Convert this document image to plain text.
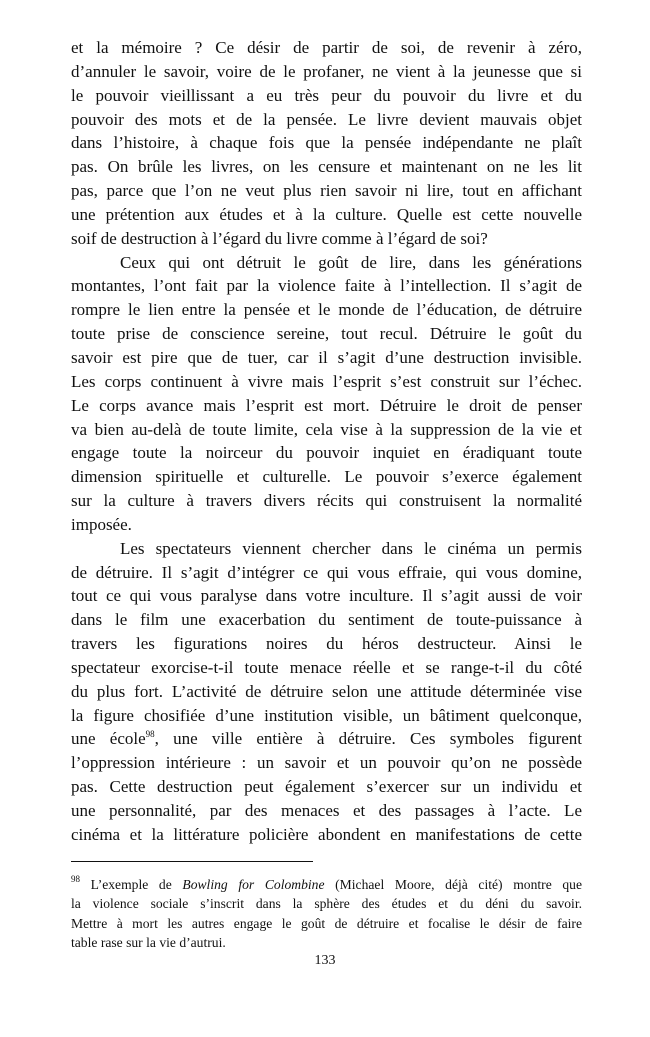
et la mémoire ? Ce désir de partir de soi, de revenir à zéro,
d’annuler le savoir, voire de le profaner, ne vient à la jeunesse que si
le pouvoir vieillissant a eu très peur du pouvoir du livre et du
pouvoir des mots et de la pensée. Le livre devient mauvais objet
dans l’histoire, à chaque fois que la pensée indépendante ne plaît
pas. On brûle les livres, on les censure et maintenant on ne les lit
pas, parce que l’on ne veut plus rien savoir ni lire, tout en affichant
une prétention aux études et à la culture. Quelle est cette nouvelle
soif de destruction à l’égard du livre comme à l’égard de soi?
Ceux qui ont détruit le goût de lire, dans les générations
montantes, l’ont fait par la violence faite à l’intellection. Il s’agit de
rompre le lien entre la pensée et le monde de l’éducation, de détruire
toute prise de conscience sereine, tout recul. Détruire le goût du
savoir est pire que de tuer, car il s’agit d’une destruction invisible.
Les corps continuent à vivre mais l’esprit s’est construit sur l’échec.
Le corps avance mais l’esprit est mort. Détruire le droit de penser
va bien au-delà de toute limite, cela vise à la suppression de la vie et
engage toute la noirceur du pouvoir inquiet en éradiquant toute
dimension spirituelle et culturelle. Le pouvoir s’exerce également
sur la culture à travers divers récits qui construisent la normalité
imposée.
Les spectateurs viennent chercher dans le cinéma un permis
de détruire. Il s’agit d’intégrer ce qui vous effraie, qui vous domine,
tout ce qui vous paralyse dans votre inculture. Il s’agit aussi de voir
dans le film une exacerbation du sentiment de toute-puissance à
travers les figurations noires du héros destructeur. Ainsi le
spectateur exorcise-t-il toute menace réelle et se range-t-il du côté
du plus fort. L’activité de détruire selon une attitude déterminée vise
la figure chosifiée d’une institution visible, un bâtiment quelconque,
une école$^{98}$, une ville entière à détruire. Ces symboles figurent
l’oppression intérieure : un savoir et un pouvoir qu’on ne possède
pas. Cette destruction peut également s’exercer sur un individu et
une personnalité, par des menaces et des passages à l’acte. Le
cinéma et la littérature policière abondent en manifestations de cette
$^{98}$ L’exemple de Bowling for Colombine (Michael Moore, déjà cité) montre que
la violence sociale s’inscrit dans la sphère des études et du déni du savoir.
Mettre à mort les autres engage le goût de détruire et focalise le désir de faire
table rase sur la vie d’autrui.
133
